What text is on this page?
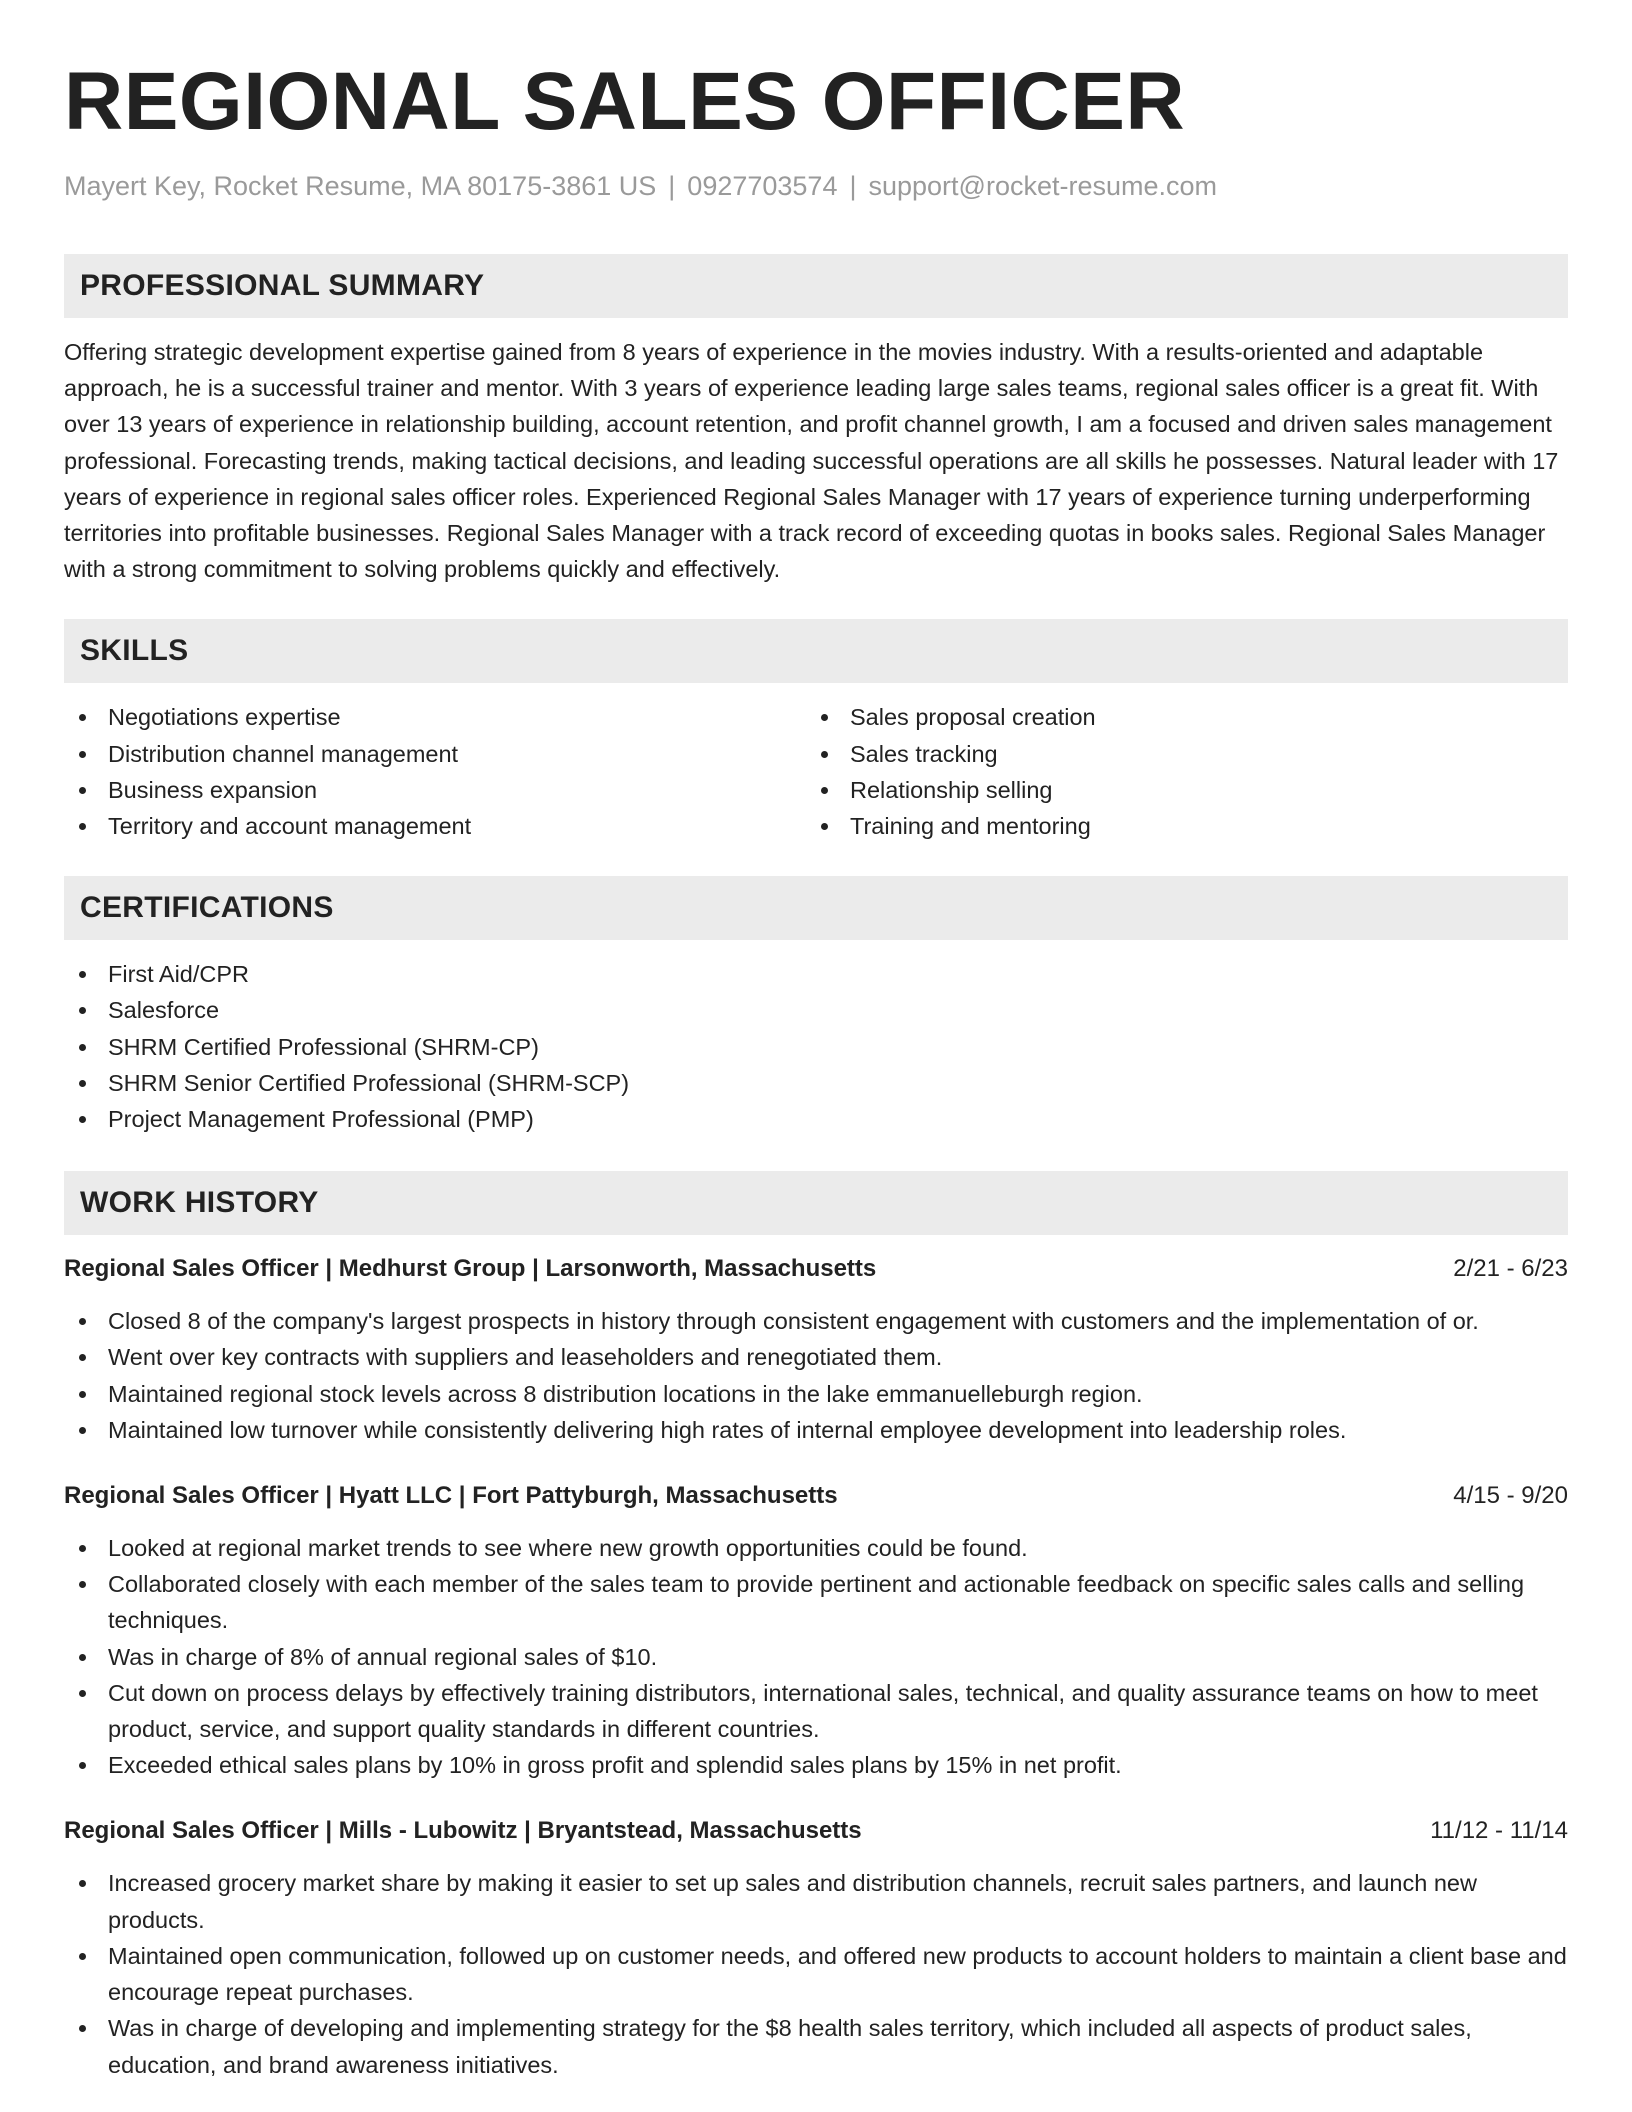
REGIONAL SALES OFFICER
Mayert Key, Rocket Resume, MA 80175-3861 US | 0927703574 | support@rocket-resume.com
PROFESSIONAL SUMMARY
Offering strategic development expertise gained from 8 years of experience in the movies industry. With a results-oriented and adaptable approach, he is a successful trainer and mentor. With 3 years of experience leading large sales teams, regional sales officer is a great fit. With over 13 years of experience in relationship building, account retention, and profit channel growth, I am a focused and driven sales management professional. Forecasting trends, making tactical decisions, and leading successful operations are all skills he possesses. Natural leader with 17 years of experience in regional sales officer roles. Experienced Regional Sales Manager with 17 years of experience turning underperforming territories into profitable businesses. Regional Sales Manager with a track record of exceeding quotas in books sales. Regional Sales Manager with a strong commitment to solving problems quickly and effectively.
SKILLS
Negotiations expertise
Distribution channel management
Business expansion
Territory and account management
Sales proposal creation
Sales tracking
Relationship selling
Training and mentoring
CERTIFICATIONS
First Aid/CPR
Salesforce
SHRM Certified Professional (SHRM-CP)
SHRM Senior Certified Professional (SHRM-SCP)
Project Management Professional (PMP)
WORK HISTORY
Regional Sales Officer | Medhurst Group | Larsonworth, Massachusetts	2/21 - 6/23
Closed 8 of the company's largest prospects in history through consistent engagement with customers and the implementation of or.
Went over key contracts with suppliers and leaseholders and renegotiated them.
Maintained regional stock levels across 8 distribution locations in the lake emmanuelleburgh region.
Maintained low turnover while consistently delivering high rates of internal employee development into leadership roles.
Regional Sales Officer | Hyatt LLC | Fort Pattyburgh, Massachusetts	4/15 - 9/20
Looked at regional market trends to see where new growth opportunities could be found.
Collaborated closely with each member of the sales team to provide pertinent and actionable feedback on specific sales calls and selling techniques.
Was in charge of 8% of annual regional sales of $10.
Cut down on process delays by effectively training distributors, international sales, technical, and quality assurance teams on how to meet product, service, and support quality standards in different countries.
Exceeded ethical sales plans by 10% in gross profit and splendid sales plans by 15% in net profit.
Regional Sales Officer | Mills - Lubowitz | Bryantstead, Massachusetts	11/12 - 11/14
Increased grocery market share by making it easier to set up sales and distribution channels, recruit sales partners, and launch new products.
Maintained open communication, followed up on customer needs, and offered new products to account holders to maintain a client base and encourage repeat purchases.
Was in charge of developing and implementing strategy for the $8 health sales territory, which included all aspects of product sales, education, and brand awareness initiatives.
